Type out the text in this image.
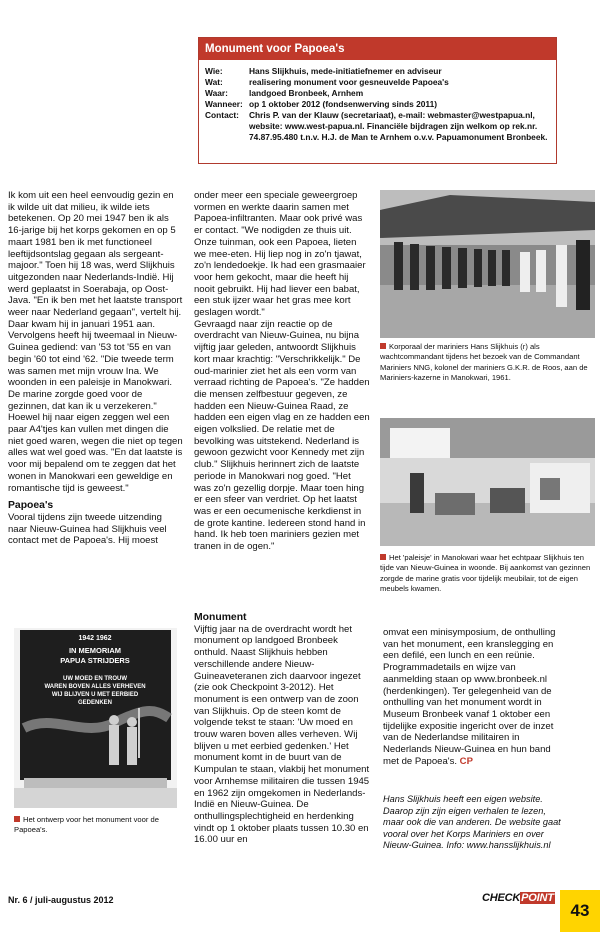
Monument voor Papoea's
Wie:	Hans Slijkhuis, mede-initiatiefnemer en adviseur
Wat:	realisering monument voor gesneuvelde Papoea's
Waar:	landgoed Bronbeek, Arnhem
Wanneer: op 1 oktober 2012 (fondsenwerving sinds 2011)
Contact:	Chris P. van der Klauw (secretariaat), e-mail: webmaster@westpapua.nl, website: www.west-papua.nl. Financiële bijdragen zijn welkom op rek.nr. 74.87.95.480 t.n.v. H.J. de Man te Arnhem o.v.v. Papuamonument Bronbeek.

Ik kom uit een heel eenvoudig gezin en ik wilde uit dat milieu, ik wilde iets betekenen. Op 20 mei 1947 ben ik als 16-jarige bij het korps gekomen en op 5 maart 1981 ben ik met functioneel leeftijdsontslag gegaan als sergeant-majoor." Toen hij 18 was, werd Slijkhuis uitgezonden naar Nederlands-Indië. Hij werd geplaatst in Soerabaja, op Oost-Java. "En ik ben met het laatste transport weer naar Nederland gegaan", vertelt hij. Daar kwam hij in januari 1951 aan. Vervolgens heeft hij tweemaal in Nieuw-Guinea gediend: van '53 tot '55 en van begin '60 tot eind '62. "Die tweede term was samen met mijn vrouw Ina. We woonden in een paleisje in Manokwari. De marine zorgde goed voor de gezinnen, dat kan ik u verzekeren." Hoewel hij naar eigen zeggen wel een paar A4'tjes kan vullen met dingen die niet goed waren, wegen die niet op tegen alles wat wel goed was. "En dat laatste is voor mij bepalend om te zeggen dat het wonen in Manokwari een geweldige en romantische tijd is geweest."

Papoea's

Vooral tijdens zijn tweede uitzending naar Nieuw-Guinea had Slijkhuis veel contact met de Papoea's. Hij moest

onder meer een speciale geweergroep vormen en werkte daarin samen met Papoea-infiltranten. Maar ook privé was er contact. "We nodigden ze thuis uit. Onze tuinman, ook een Papoea, lieten we mee-eten. Hij liep nog in zo'n tjawat, zo'n lendedoekje. Ik had een grasmaaier voor hem gekocht, maar die heeft hij nooit gebruikt. Hij had liever een babat, een stuk ijzer waar het gras mee kort geslagen wordt."

Gevraagd naar zijn reactie op de overdracht van Nieuw-Guinea, nu bijna vijftig jaar geleden, antwoordt Slijkhuis kort maar krachtig: "Verschrikkelijk." De oud-marinier ziet het als een vorm van verraad richting de Papoea's. "Ze hadden die mensen zelfbestuur gegeven, ze hadden een Nieuw-Guinea Raad, ze hadden een eigen vlag en ze hadden een eigen volkslied. De relatie met de bevolking was uitstekend. Nederland is gewoon gezwicht voor Kennedy met zijn club." Slijkhuis herinnert zich de laatste periode in Manokwari nog goed. "Het was zo'n gezellig dorpje. Maar toen hing er een sfeer van verdriet. Op het laatst was er een oecumenische kerkdienst in de grote kantine. Iedereen stond hand in hand. Ik heb toen mariniers gezien met tranen in de ogen."

Monument

Vijftig jaar na de overdracht wordt het monument op landgoed Bronbeek onthuld. Naast Slijkhuis hebben verschillende andere Nieuw-Guineaveteranen zich daarvoor ingezet (zie ook Checkpoint 3-2012). Het monument is een ontwerp van de zoon van Slijkhuis. Op de steen komt de volgende tekst te staan: 'Uw moed en trouw waren boven alles verheven. Wij blijven u met eerbied gedenken.' Het monument komt in de buurt van de Kumpulan te staan, vlakbij het monument voor Arnhemse militairen die tussen 1945 en 1962 zijn omgekomen in Nederlands-Indië en Nieuw-Guinea. De onthullingsplechtigheid en herdenking vindt op 1 oktober plaats tussen 10.30 en 16.00 uur en

omvat een minisymposium, de onthulling van het monument, een kranslegging en een defilé, een lunch en een reünie. Programmadetails en wijze van aanmelding staan op www.bronbeek.nl (herdenkingen). Ter gelegenheid van de onthulling van het monument wordt in Museum Bronbeek vanaf 1 oktober een tijdelijke expositie ingericht over de inzet van de Nederlandse militairen in Nederlands Nieuw-Guinea en hun band met de Papoea's. CP

Hans Slijkhuis heeft een eigen website. Daarop zijn zijn eigen verhalen te lezen, maar ook die van anderen. De website gaat vooral over het Korps Mariniers en over Nieuw-Guinea. Info: www.hansslijkhuis.nl
Korporaal der mariniers Hans Slijkhuis (r) als wachtcommandant tijdens het bezoek van de Commandant Mariniers NNG, kolonel der mariniers G.K.R. de Roos, aan de Mariniers-kazerne in Manokwari, 1961.
Het 'paleisje' in Manokwari waar het echtpaar Slijkhuis ten tijde van Nieuw-Guinea in woonde. Bij aankomst van gezinnen zorgde de marine gratis voor tijdelijk meubilair, tot de eigen meubels kwamen.
1942 1962
IN MEMORIAM
PAPUA STRIJDERS
UW MOED EN TROUW
WAREN BOVEN ALLES VERHEVEN
WIJ BLIJVEN U MET EERBIED
GEDENKEN
Het ontwerp voor het monument voor de Papoea's.
Nr. 6 / juli-augustus 2012	CHECKPOINT
43
